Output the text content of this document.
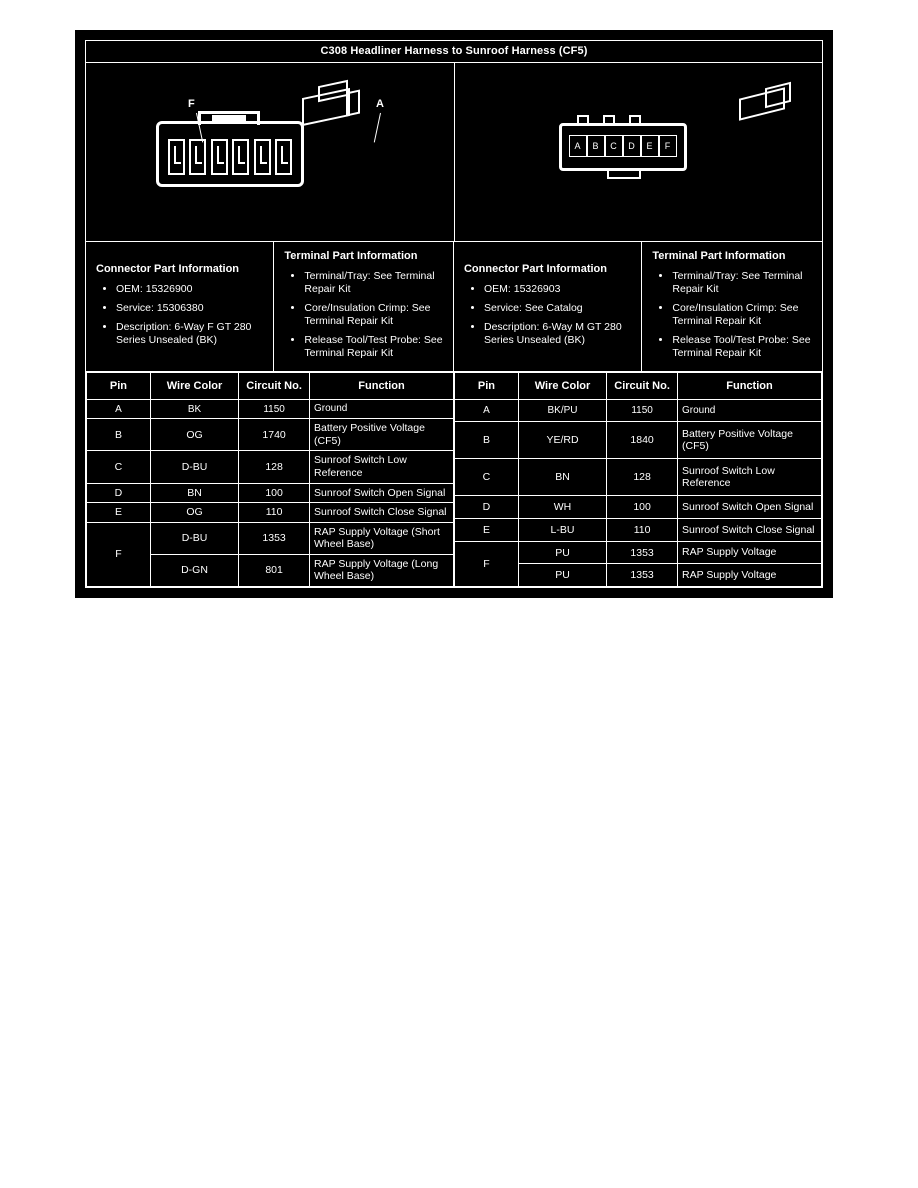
C308 Headliner Harness to Sunroof Harness (CF5)
F	A
A	B	C	D	E	F
Connector Part Information
• OEM: 15326900
• Service: 15306380
• Description: 6-Way F GT 280 Series Unsealed (BK)
Terminal Part Information
• Terminal/Tray: See Terminal Repair Kit
• Core/Insulation Crimp: See Terminal Repair Kit
• Release Tool/Test Probe: See Terminal Repair Kit
Connector Part Information
• OEM: 15326903
• Service: See Catalog
• Description: 6-Way M GT 280 Series Unsealed (BK)
Terminal Part Information
• Terminal/Tray: See Terminal Repair Kit
• Core/Insulation Crimp: See Terminal Repair Kit
• Release Tool/Test Probe: See Terminal Repair Kit
Pin	Wire Color	Circuit No.	Function
A	BK	1150	Ground
B	OG	1740	Battery Positive Voltage (CF5)
C	D-BU	128	Sunroof Switch Low Reference
D	BN	100	Sunroof Switch Open Signal
E	OG	110	Sunroof Switch Close Signal
F	D-BU	1353	RAP Supply Voltage (Short Wheel Base)
	D-GN	801	RAP Supply Voltage (Long Wheel Base)
Pin	Wire Color	Circuit No.	Function
A	BK/PU	1150	Ground
B	YE/RD	1840	Battery Positive Voltage (CF5)
C	BN	128	Sunroof Switch Low Reference
D	WH	100	Sunroof Switch Open Signal
E	L-BU	110	Sunroof Switch Close Signal
F	PU	1353	RAP Supply Voltage
	PU	1353	RAP Supply Voltage
